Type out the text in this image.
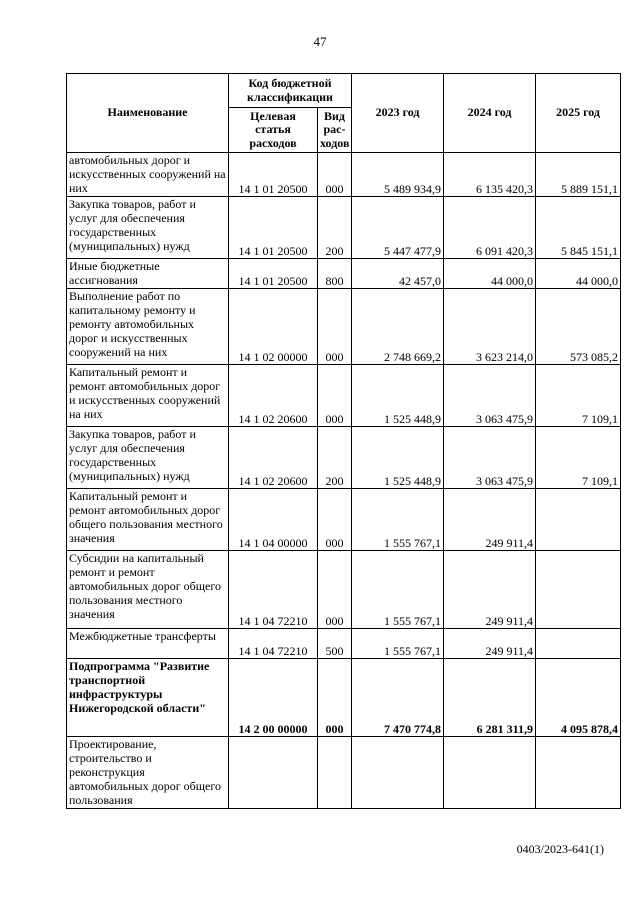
47
Наименование	Код бюджетной классификации		2023 год	2024 год	2025 год
	Целевая статья расходов	Вид рас-ходов			
автомобильных дорог и искусственных сооружений на них	14 1 01 20500	000	5 489 934,9	6 135 420,3	5 889 151,1
Закупка товаров, работ и услуг для обеспечения государственных (муниципальных) нужд	14 1 01 20500	200	5 447 477,9	6 091 420,3	5 845 151,1
Иные бюджетные ассигнования	14 1 01 20500	800	42 457,0	44 000,0	44 000,0
Выполнение работ по капитальному ремонту и ремонту автомобильных дорог и искусственных сооружений на них	14 1 02 00000	000	2 748 669,2	3 623 214,0	573 085,2
Капитальный ремонт и ремонт автомобильных дорог и искусственных сооружений на них	14 1 02 20600	000	1 525 448,9	3 063 475,9	7 109,1
Закупка товаров, работ и услуг для обеспечения государственных (муниципальных) нужд	14 1 02 20600	200	1 525 448,9	3 063 475,9	7 109,1
Капитальный ремонт и ремонт автомобильных дорог общего пользования местного значения	14 1 04 00000	000	1 555 767,1	249 911,4	
Субсидии на капитальный ремонт и ремонт автомобильных дорог общего пользования местного значения	14 1 04 72210	000	1 555 767,1	249 911,4	
Межбюджетные трансферты	14 1 04 72210	500	1 555 767,1	249 911,4	
Подпрограмма "Развитие транспортной инфраструктуры Нижегородской области"	14 2 00 00000	000	7 470 774,8	6 281 311,9	4 095 878,4
Проектирование, строительство и реконструкция автомобильных дорог общего пользования					
0403/2023-641(1)
